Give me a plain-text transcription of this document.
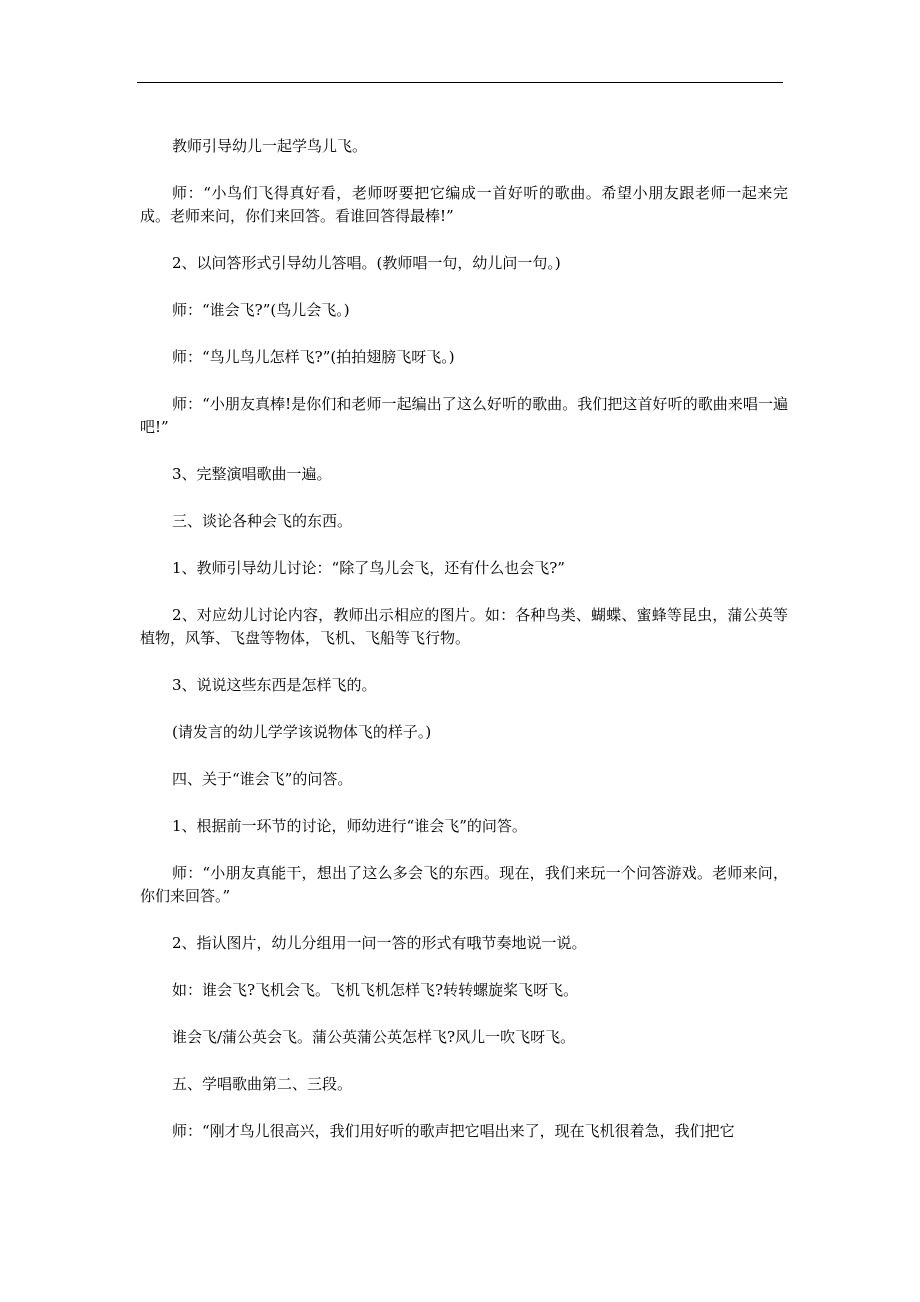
教师引导幼儿一起学鸟儿飞。

师：“小鸟们飞得真好看，老师呀要把它编成一首好听的歌曲。希望小朋友跟老师一起来完成。老师来问，你们来回答。看谁回答得最棒!”

2、以问答形式引导幼儿答唱。(教师唱一句，幼儿问一句。)

师：“谁会飞?”(鸟儿会飞。)

师：“鸟儿鸟儿怎样飞?”(拍拍翅膀飞呀飞。)

师：“小朋友真棒!是你们和老师一起编出了这么好听的歌曲。我们把这首好听的歌曲来唱一遍吧!”

3、完整演唱歌曲一遍。

三、谈论各种会飞的东西。

1、教师引导幼儿讨论：“除了鸟儿会飞，还有什么也会飞?”

2、对应幼儿讨论内容，教师出示相应的图片。如：各种鸟类、蝴蝶、蜜蜂等昆虫，蒲公英等植物，风筝、飞盘等物体，飞机、飞船等飞行物。

3、说说这些东西是怎样飞的。

(请发言的幼儿学学该说物体飞的样子。)

四、关于“谁会飞”的问答。

1、根据前一环节的讨论，师幼进行“谁会飞”的问答。

师：“小朋友真能干，想出了这么多会飞的东西。现在，我们来玩一个问答游戏。老师来问，你们来回答。”

2、指认图片，幼儿分组用一问一答的形式有哦节奏地说一说。

如：谁会飞?飞机会飞。飞机飞机怎样飞?转转螺旋桨飞呀飞。

谁会飞/蒲公英会飞。蒲公英蒲公英怎样飞?风儿一吹飞呀飞。

五、学唱歌曲第二、三段。

师：“刚才鸟儿很高兴，我们用好听的歌声把它唱出来了，现在飞机很着急，我们把它
